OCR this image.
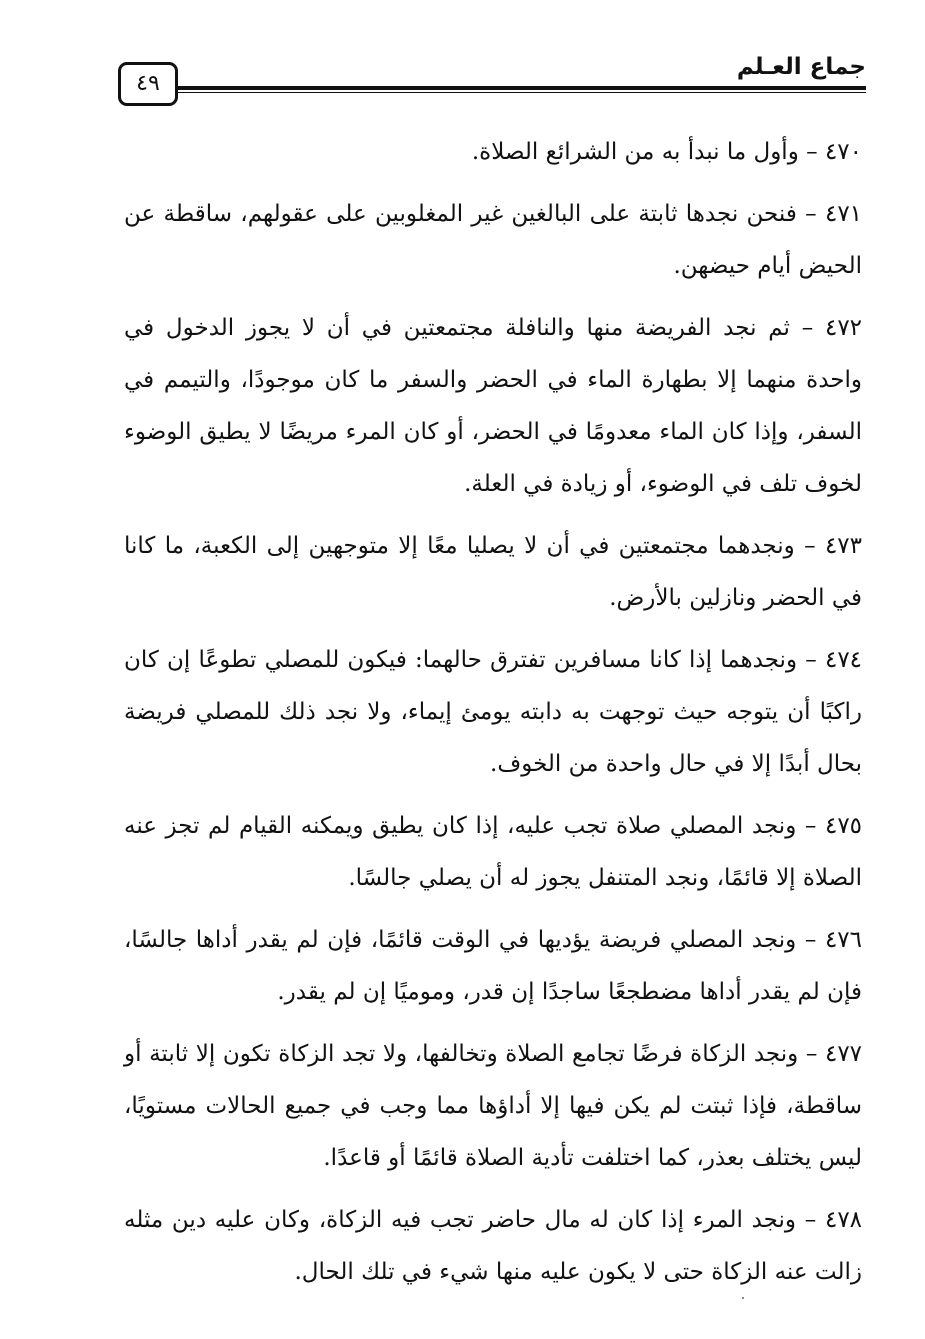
جماع العـلم
٤٩

٤٧٠ – وأول ما نبدأ به من الشرائع الصلاة.

٤٧١ – فنحن نجدها ثابتة على البالغين غير المغلوبين على عقولهم، ساقطة عن الحيض أيام حيضهن.

٤٧٢ – ثم نجد الفريضة منها والنافلة مجتمعتين في أن لا يجوز الدخول في واحدة منهما إلا بطهارة الماء في الحضر والسفر ما كان موجودًا، والتيمم في السفر، وإذا كان الماء معدومًا في الحضر، أو كان المرء مريضًا لا يطيق الوضوء لخوف تلف في الوضوء، أو زيادة في العلة.

٤٧٣ – ونجدهما مجتمعتين في أن لا يصليا معًا إلا متوجهين إلى الكعبة، ما كانا في الحضر ونازلين بالأرض.

٤٧٤ – ونجدهما إذا كانا مسافرين تفترق حالهما: فيكون للمصلي تطوعًا إن كان راكبًا أن يتوجه حيث توجهت به دابته يومئ إيماء، ولا نجد ذلك للمصلي فريضة بحال أبدًا إلا في حال واحدة من الخوف.

٤٧٥ – ونجد المصلي صلاة تجب عليه، إذا كان يطيق ويمكنه القيام لم تجز عنه الصلاة إلا قائمًا، ونجد المتنفل يجوز له أن يصلي جالسًا.

٤٧٦ – ونجد المصلي فريضة يؤديها في الوقت قائمًا، فإن لم يقدر أداها جالسًا، فإن لم يقدر أداها مضطجعًا ساجدًا إن قدر، وموميًا إن لم يقدر.

٤٧٧ – ونجد الزكاة فرضًا تجامع الصلاة وتخالفها، ولا تجد الزكاة تكون إلا ثابتة أو ساقطة، فإذا ثبتت لم يكن فيها إلا أداؤها مما وجب في جميع الحالات مستويًا، ليس يختلف بعذر، كما اختلفت تأدية الصلاة قائمًا أو قاعدًا.

٤٧٨ – ونجد المرء إذا كان له مال حاضر تجب فيه الزكاة، وكان عليه دين مثله زالت عنه الزكاة حتى لا يكون عليه منها شيء في تلك الحال.
